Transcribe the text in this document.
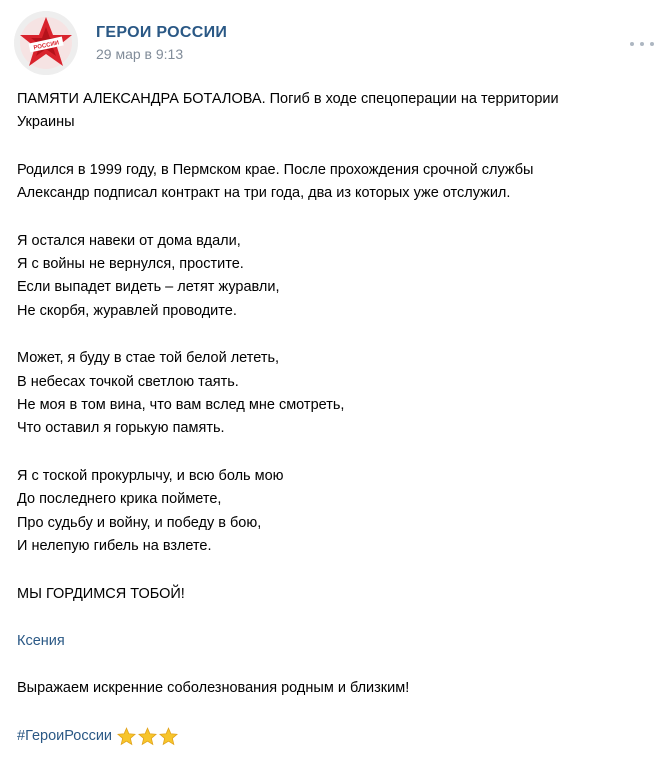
РОССИИ
ГЕРОИ РОССИИ
29 мар в 9:13

ПАМЯТИ АЛЕКСАНДРА БОТАЛОВА. Погиб в ходе спецоперации на территории

Украины

Родился в 1999 году, в Пермском крае. После прохождения срочной службы

Александр подписал контракт на три года, два из которых уже отслужил.

Я остался навеки от дома вдали,

Я с войны не вернулся, простите.

Если выпадет видеть – летят журавли,

Не скорбя, журавлей проводите.

Может, я буду в стае той белой лететь,

В небесах точкой светлою таять.

Не моя в том вина, что вам вслед мне смотреть,

Что оставил я горькую память.

Я с тоской прокурлычу, и всю боль мою

До последнего крика поймете,

Про судьбу и войну, и победу в бою,

И нелепую гибель на взлете.

МЫ ГОРДИМСЯ ТОБОЙ!

Ксения

Выражаем искренние соболезнования родным и близким!

#ГероиРоссии
